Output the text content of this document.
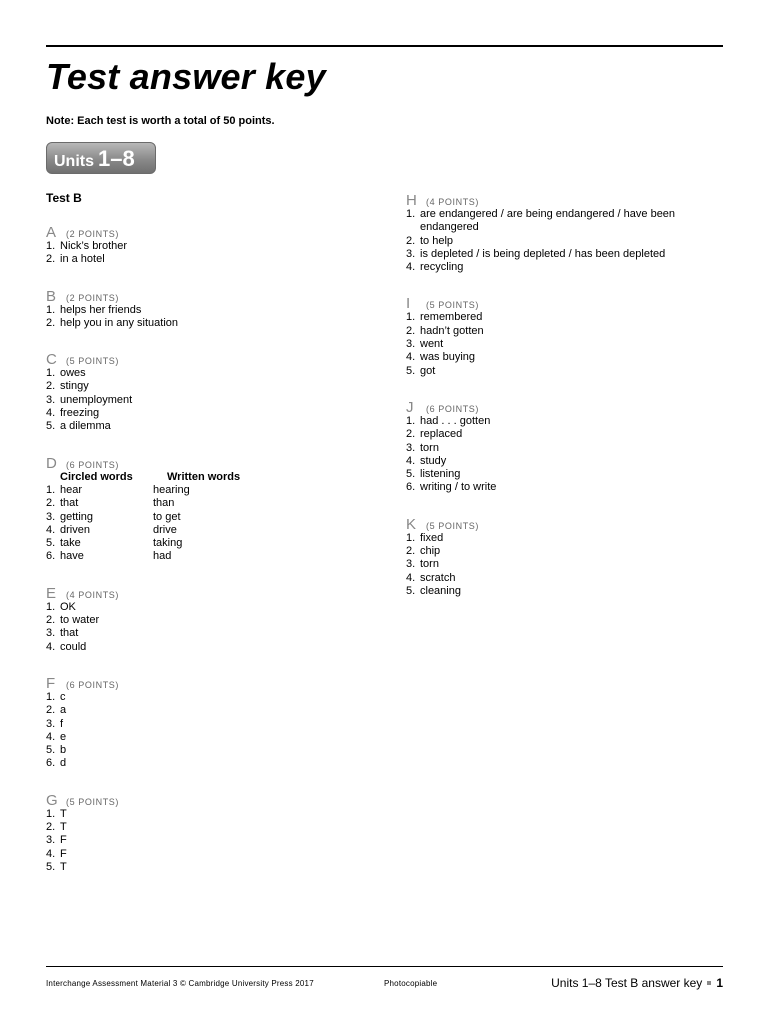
Test answer key
Note: Each test is worth a total of 50 points.
Units 1–8
Test B
A	(2 POINTS)
1. Nick’s brother
2. in a hotel
B	(2 POINTS)
1. helps her friends
2. help you in any situation
C	(5 POINTS)
1. owes
2. stingy
3. unemployment
4. freezing
5. a dilemma
D	(6 POINTS)
Circled words	Written words
1. hear	hearing
2. that	than
3. getting	to get
4. driven	drive
5. take	taking
6. have	had
E	(4 POINTS)
1. OK
2. to water
3. that
4. could
F	(6 POINTS)
1. c
2. a
3. f
4. e
5. b
6. d
G (5 POINTS)
1. T
2. T
3. F
4. F
5. T
H	(4 POINTS)
1. are endangered / are being endangered / have been endangered
2. to help
3. is depleted / is being depleted / has been depleted
4. recycling
I	(5 POINTS)
1. remembered
2. hadn’t gotten
3. went
4. was buying
5. got
J	(6 POINTS)
1. had . . . gotten
2. replaced
3. torn
4. study
5. listening
6. writing / to write
K	(5 POINTS)
1. fixed
2. chip
3. torn
4. scratch
5. cleaning
Interchange Assessment Material 3 © Cambridge University Press 2017	Photocopiable	Units 1–8 Test B answer key 1
